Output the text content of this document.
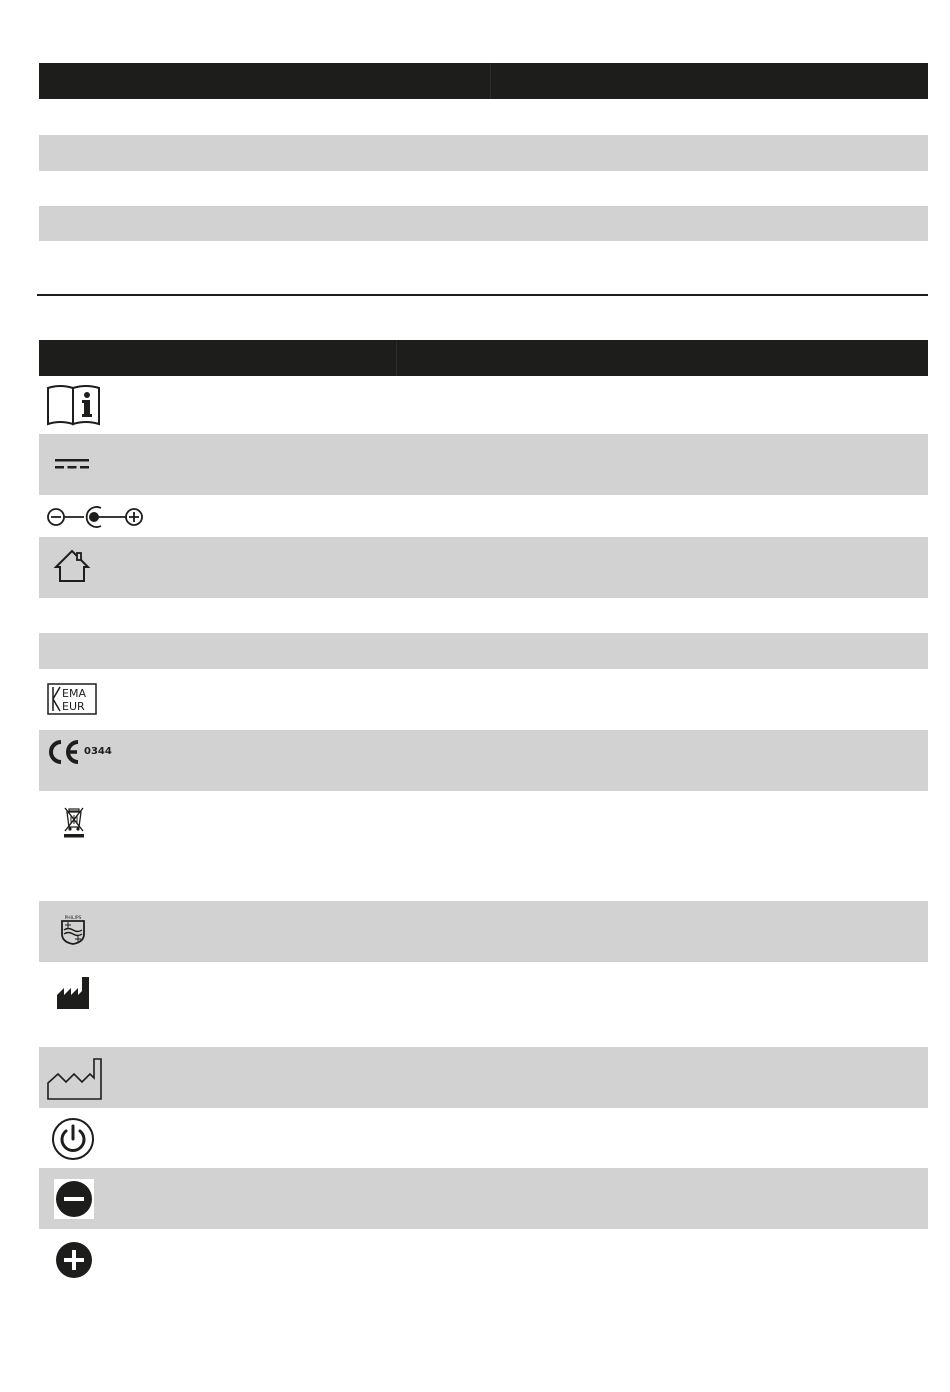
EMA
EUR
0344
PHILIPS
